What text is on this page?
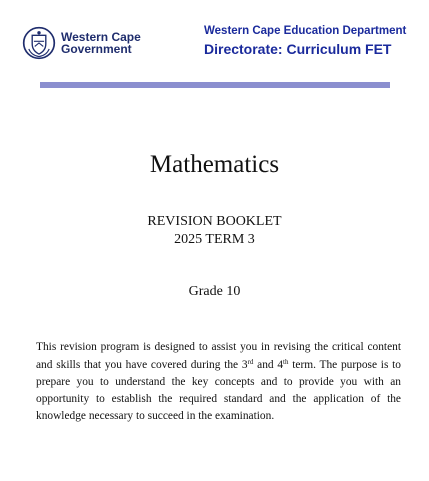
Western Cape
Government
Western Cape Education Department
Directorate: Curriculum FET
Mathematics
REVISION BOOKLET
2025 TERM 3
Grade 10

This revision program is designed to assist you in revising the critical content and skills that you have covered during the 3rd and 4th term. The purpose is to prepare you to understand the key concepts and to provide you with an opportunity to establish the required standard and the application of the knowledge necessary to succeed in the examination.
